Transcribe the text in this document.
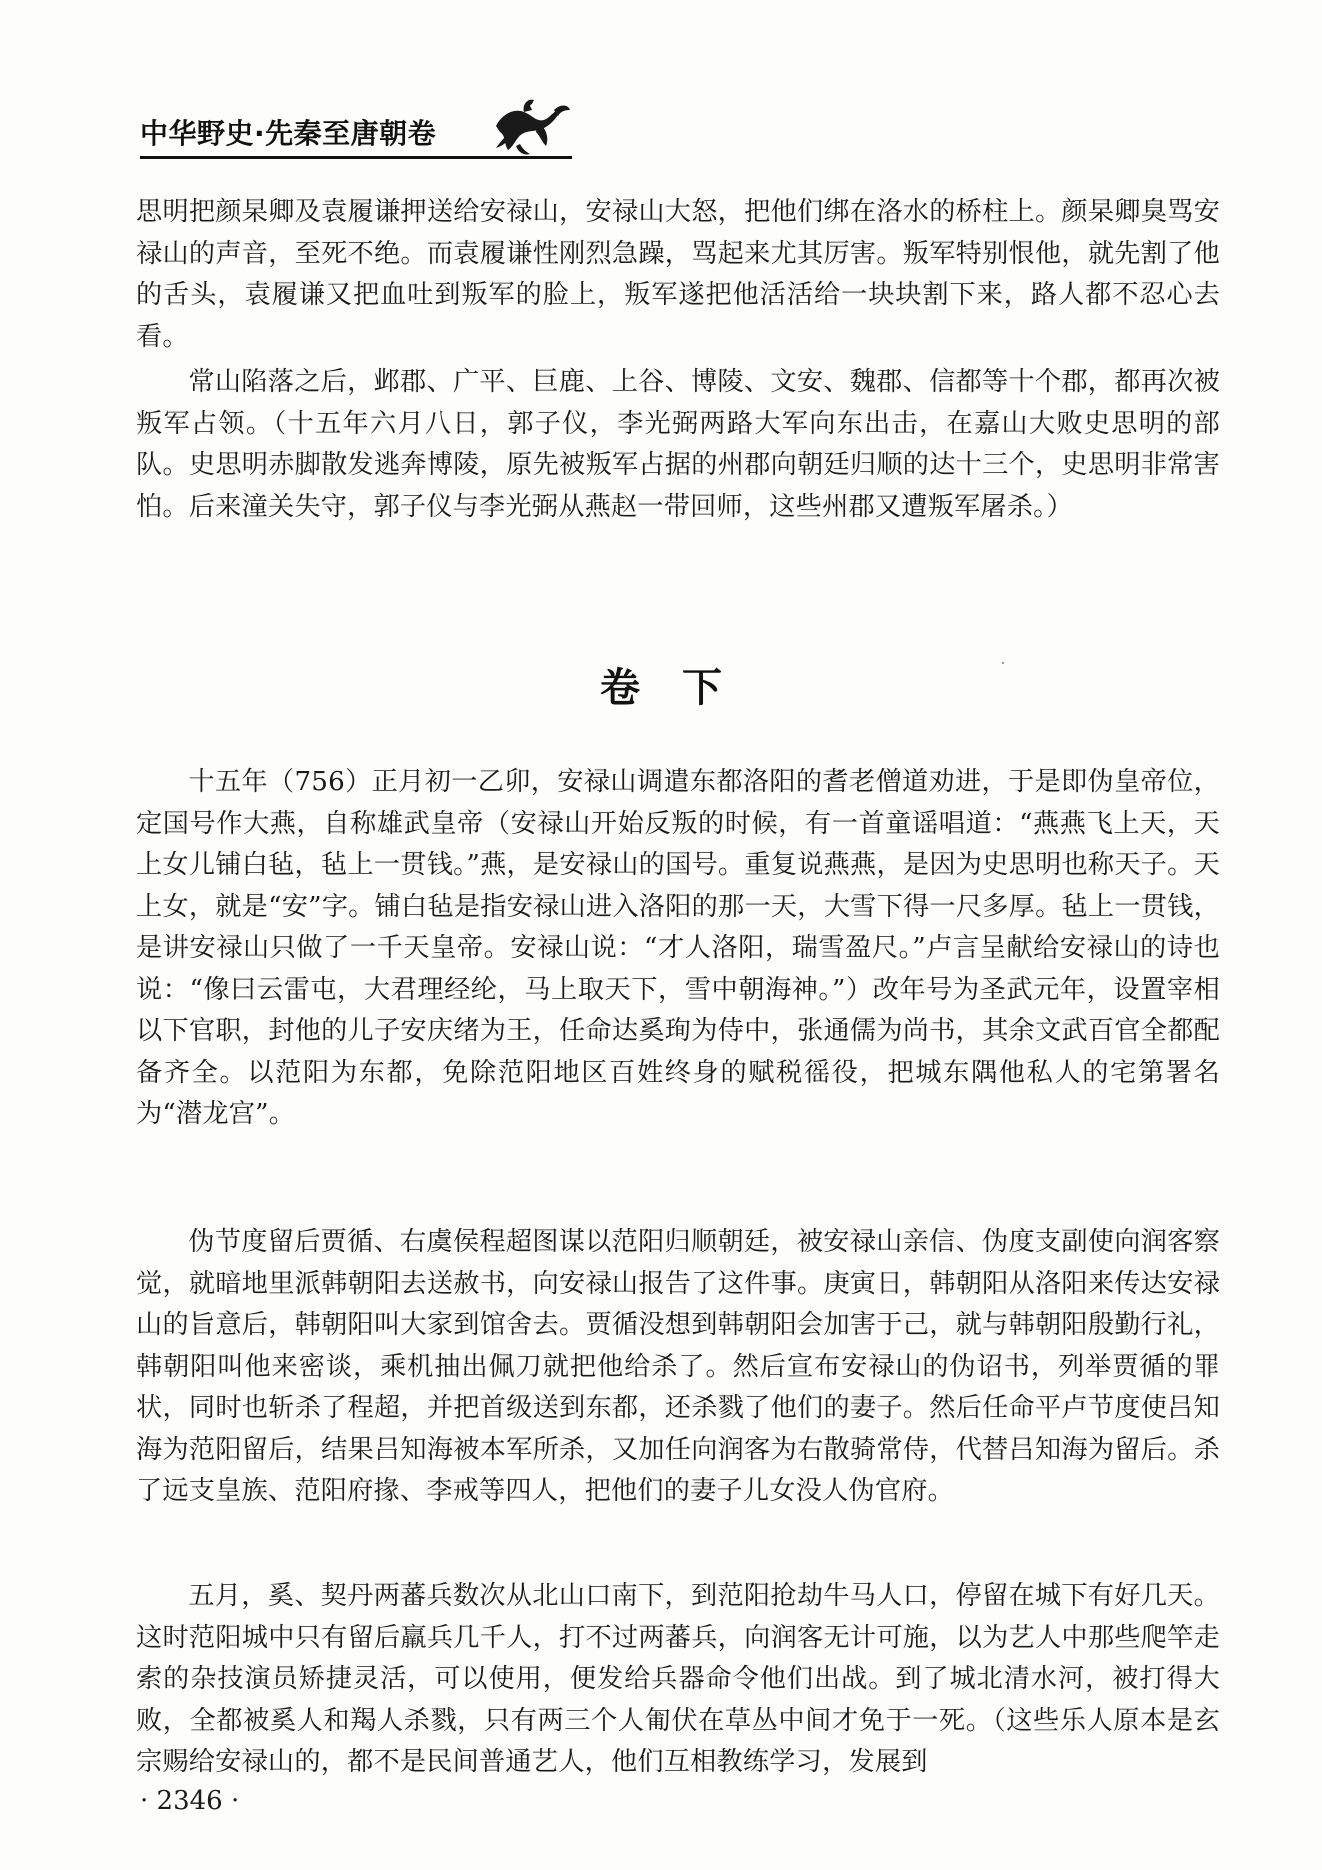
中华野史·先秦至唐朝卷

思明把颜杲卿及袁履谦押送给安禄山，安禄山大怒，把他们绑在洛水的桥柱上。颜杲卿臭骂安禄山的声音，至死不绝。而袁履谦性刚烈急躁，骂起来尤其厉害。叛军特别恨他，就先割了他的舌头，袁履谦又把血吐到叛军的脸上，叛军遂把他活活给一块块割下来，路人都不忍心去看。

常山陷落之后，邺郡、广平、巨鹿、上谷、博陵、文安、魏郡、信都等十个郡，都再次被叛军占领。（十五年六月八日，郭子仪，李光弼两路大军向东出击，在嘉山大败史思明的部队。史思明赤脚散发逃奔博陵，原先被叛军占据的州郡向朝廷归顺的达十三个，史思明非常害怕。后来潼关失守，郭子仪与李光弼从燕赵一带回师，这些州郡又遭叛军屠杀。）

卷下

十五年（756）正月初一乙卯，安禄山调遣东都洛阳的耆老僧道劝进，于是即伪皇帝位，定国号作大燕，自称雄武皇帝（安禄山开始反叛的时候，有一首童谣唱道：“燕燕飞上天，天上女儿铺白毡，毡上一贯钱。”燕，是安禄山的国号。重复说燕燕，是因为史思明也称天子。天上女，就是“安”字。铺白毡是指安禄山进入洛阳的那一天，大雪下得一尺多厚。毡上一贯钱，是讲安禄山只做了一千天皇帝。安禄山说：“才人洛阳，瑞雪盈尺。”卢言呈献给安禄山的诗也说：“像曰云雷屯，大君理经纶，马上取天下，雪中朝海神。”）改年号为圣武元年，设置宰相以下官职，封他的儿子安庆绪为王，任命达奚珣为侍中，张通儒为尚书，其余文武百官全都配备齐全。以范阳为东都，免除范阳地区百姓终身的赋税徭役，把城东隅他私人的宅第署名为“潜龙宫”。

伪节度留后贾循、右虞侯程超图谋以范阳归顺朝廷，被安禄山亲信、伪度支副使向润客察觉，就暗地里派韩朝阳去送赦书，向安禄山报告了这件事。庚寅日，韩朝阳从洛阳来传达安禄山的旨意后，韩朝阳叫大家到馆舍去。贾循没想到韩朝阳会加害于己，就与韩朝阳殷勤行礼，韩朝阳叫他来密谈，乘机抽出佩刀就把他给杀了。然后宣布安禄山的伪诏书，列举贾循的罪状，同时也斩杀了程超，并把首级送到东都，还杀戮了他们的妻子。然后任命平卢节度使吕知海为范阳留后，结果吕知海被本军所杀，又加任向润客为右散骑常侍，代替吕知海为留后。杀了远支皇族、范阳府掾、李戒等四人，把他们的妻子儿女没人伪官府。

五月，奚、契丹两蕃兵数次从北山口南下，到范阳抢劫牛马人口，停留在城下有好几天。这时范阳城中只有留后羸兵几千人，打不过两蕃兵，向润客无计可施，以为艺人中那些爬竿走索的杂技演员矫捷灵活，可以使用，便发给兵器命令他们出战。到了城北清水河，被打得大败，全都被奚人和羯人杀戮，只有两三个人匍伏在草丛中间才免于一死。（这些乐人原本是玄宗赐给安禄山的，都不是民间普通艺人，他们互相教练学习，发展到

· 2346 ·
